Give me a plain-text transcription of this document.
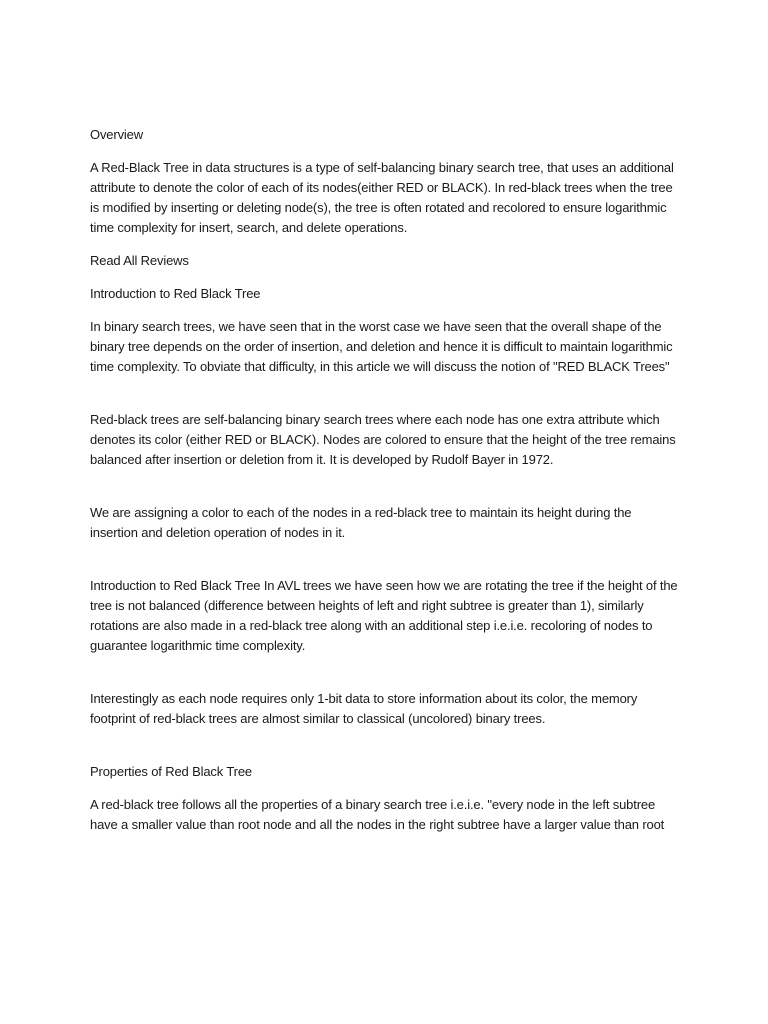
Overview

A Red-Black Tree in data structures is a type of self-balancing binary search tree, that uses an additional attribute to denote the color of each of its nodes(either RED or BLACK). In red-black trees when the tree is modified by inserting or deleting node(s), the tree is often rotated and recolored to ensure logarithmic time complexity for insert, search, and delete operations.

Read All Reviews

Introduction to Red Black Tree

In binary search trees, we have seen that in the worst case we have seen that the overall shape of the binary tree depends on the order of insertion, and deletion and hence it is difficult to maintain logarithmic time complexity. To obviate that difficulty, in this article we will discuss the notion of "RED BLACK Trees"

Red-black trees are self-balancing binary search trees where each node has one extra attribute which denotes its color (either RED or BLACK). Nodes are colored to ensure that the height of the tree remains balanced after insertion or deletion from it. It is developed by Rudolf Bayer in 1972.

We are assigning a color to each of the nodes in a red-black tree to maintain its height during the insertion and deletion operation of nodes in it.

Introduction to Red Black Tree In AVL trees we have seen how we are rotating the tree if the height of the tree is not balanced (difference between heights of left and right subtree is greater than 1), similarly rotations are also made in a red-black tree along with an additional step i.e.i.e. recoloring of nodes to guarantee logarithmic time complexity.

Interestingly as each node requires only 1-bit data to store information about its color, the memory footprint of red-black trees are almost similar to classical (uncolored) binary trees.

Properties of Red Black Tree

A red-black tree follows all the properties of a binary search tree i.e.i.e. "every node in the left subtree have a smaller value than root node and all the nodes in the right subtree have a larger value than root
